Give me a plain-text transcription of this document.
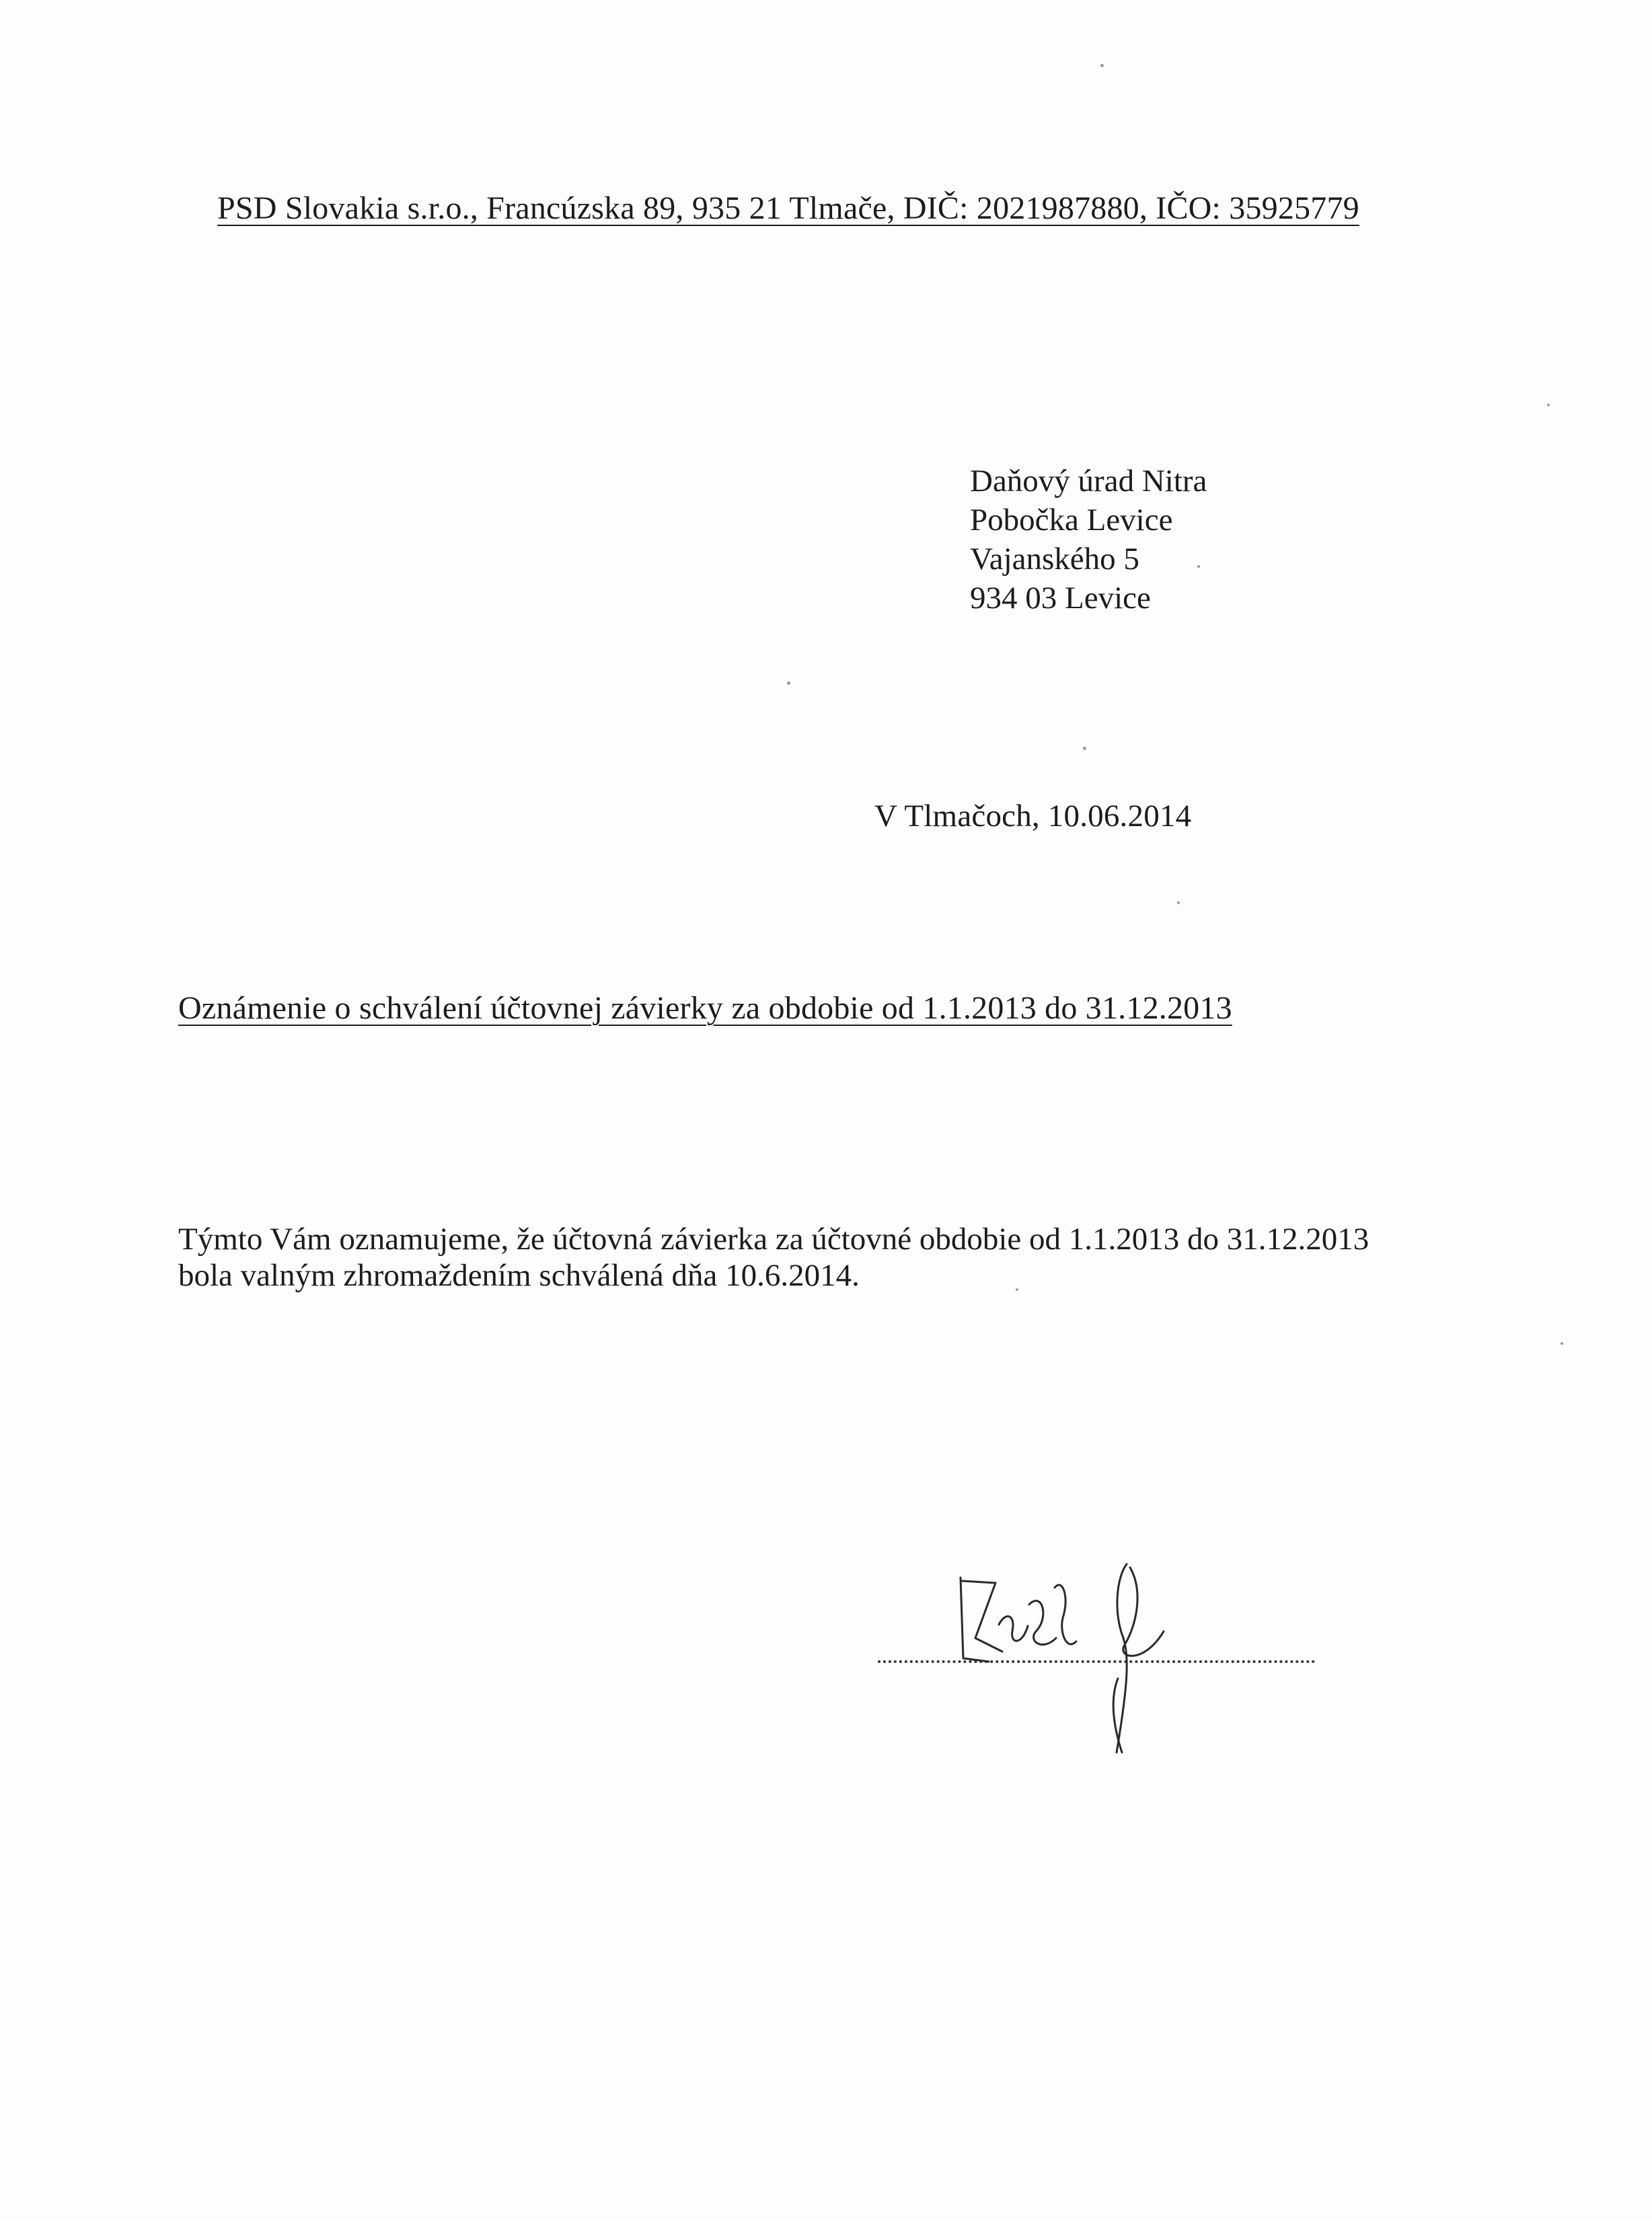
PSD Slovakia s.r.o., Francúzska 89, 935 21 Tlmače, DIČ: 2021987880, IČO: 35925779
Daňový úrad Nitra
Pobočka Levice
Vajanského 5
934 03 Levice
V Tlmačoch, 10.06.2014
Oznámenie o schválení účtovnej závierky za obdobie od 1.1.2013 do 31.12.2013
Týmto Vám oznamujeme, že účtovná závierka za účtovné obdobie od 1.1.2013 do 31.12.2013
bola valným zhromaždením schválená dňa 10.6.2014.
